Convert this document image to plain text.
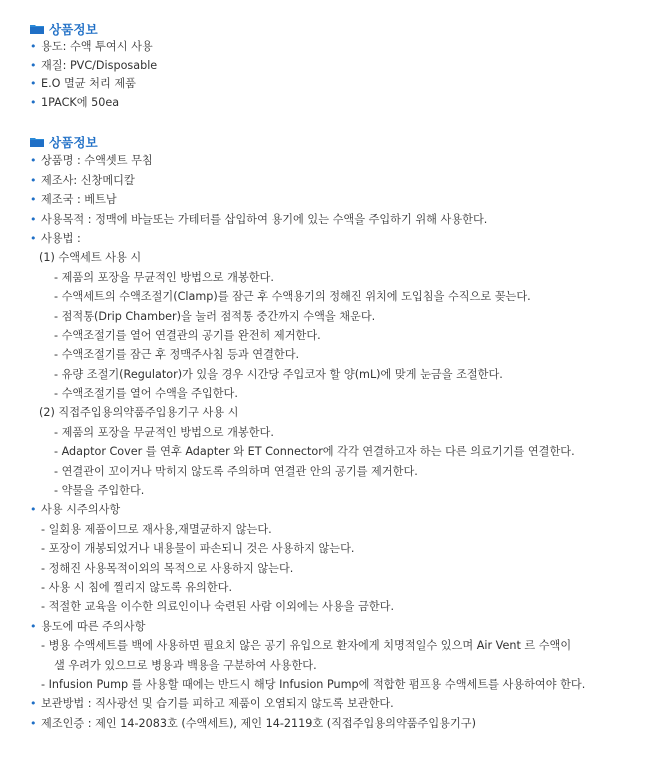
상품정보
• 용도: 수액 투여시 사용
• 재질: PVC/Disposable
• E.O 멸균 처리 제품
• 1PACK에 50ea
상품정보
• 상품명 : 수액셋트 무침
• 제조사: 신창메디칼
• 제조국 : 베트남
• 사용목적 : 정맥에 바늘또는 가테터를 삽입하여 용기에 있는 수액을 주입하기 위해 사용한다.
• 사용법 :
(1) 수액세트 사용 시
- 제품의 포장을 무균적인 방법으로 개봉한다.
- 수액세트의 수액조절기(Clamp)를 잠근 후 수액용기의 정해진 위치에 도입침을 수직으로 꽂는다.
- 점적통(Drip Chamber)을 눌러 점적통 중간까지 수액을 채운다.
- 수액조절기를 열어 연결관의 공기를 완전히 제거한다.
- 수액조절기를 잠근 후 정맥주사침 등과 연결한다.
- 유량 조절기(Regulator)가 있을 경우 시간당 주입코자 할 양(mL)에 맞게 눈금을 조절한다.
- 수액조절기를 열어 수액을 주입한다.
(2) 직접주입용의약품주입용기구 사용 시
- 제품의 포장을 무균적인 방법으로 개봉한다.
- Adaptor Cover 를 연후 Adapter 와 ET Connector에 각각 연결하고자 하는 다른 의료기기를 연결한다.
- 연결관이 꼬이거나 막히지 않도록 주의하며 연결관 안의 공기를 제거한다.
- 약물을 주입한다.
• 사용 시주의사항
- 일회용 제품이므로 재사용,재멸균하지 않는다.
- 포장이 개봉되었거나 내용물이 파손되니 것은 사용하지 않는다.
- 정해진 사용목적이외의 목적으로 사용하지 않는다.
- 사용 시 침에 찔리지 않도록 유의한다.
- 적절한 교육을 이수한 의료인이나 숙련된 사람 이외에는 사용을 금한다.
• 용도에 따른 주의사항
- 병용 수액세트를 백에 사용하면 필요치 않은 공기 유입으로 환자에게 치명적일수 있으며 Air Vent 르 수액이
샐 우려가 있으므로 병용과 백용을 구분하여 사용한다.
- Infusion Pump 를 사용할 때에는 반드시 해당 Infusion Pump에 적합한 펌프용 수액세트를 사용하여야 한다.
• 보관방법 : 직사광선 및 습기를 피하고 제품이 오염되지 않도록 보관한다.
• 제조인증 : 제인 14-2083호 (수액세트), 제인 14-2119호 (직접주입용의약품주입용기구)
